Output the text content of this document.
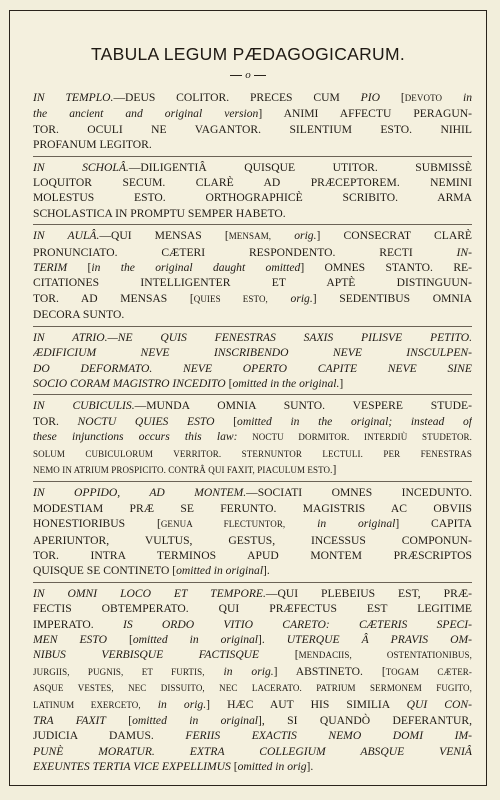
TABULA LEGUM PÆDAGOGICARUM.
o
IN TEMPLO.—DEUS COLITOR. PRECES CUM PIO [DEVOTO in
the ancient and original version] ANIMI AFFECTU PERAGUN-
TOR. OCULI NE VAGANTOR. SILENTIUM ESTO. NIHIL
PROFANUM LEGITOR.
IN SCHOLÂ.—DILIGENTIÂ QUISQUE UTITOR. SUBMISSÈ
LOQUITOR SECUM. CLARÈ AD PRÆCEPTOREM. NEMINI
MOLESTUS ESTO. ORTHOGRAPHICÈ SCRIBITO. ARMA
SCHOLASTICA IN PROMPTU SEMPER HABETO.
IN AULÂ.—QUI MENSAS [MENSAM, orig.] CONSECRAT CLARÈ
PRONUNCIATO. CÆTERI RESPONDENTO. RECTI IN-
TERIM [in the original daught omitted] OMNES STANTO. RE-
CITATIONES INTELLIGENTER ET APTÈ DISTINGUUN-
TOR. AD MENSAS [QUIES ESTO, orig.] SEDENTIBUS OMNIA
DECORA SUNTO.
IN ATRIO.—NE QUIS FENESTRAS SAXIS PILISVE PETITO.
ÆDIFICIUM NEVE INSCRIBENDO NEVE INSCULPEN-
DO DEFORMATO. NEVE OPERTO CAPITE NEVE SINE
SOCIO CORAM MAGISTRO INCEDITO [omitted in the original.]
IN CUBICULIS.—MUNDA OMNIA SUNTO. VESPERE STUDE-
TOR. NOCTU QUIES ESTO [omitted in the original; instead of
these injunctions occurs this law: NOCTU DORMITOR. INTERDIÙ STUDETOR.
SOLUM CUBICULORUM VERRITOR. STERNUNTOR LECTULI. PER FENESTRAS
NEMO IN ATRIUM PROSPICITO. CONTRÂ QUI FAXIT, PIACULUM ESTO.]
IN OPPIDO, AD MONTEM.—SOCIATI OMNES INCEDUNTO.
MODESTIAM PRÆ SE FERUNTO. MAGISTRIS AC OBVIIS
HONESTIORIBUS [GENUA FLECTUNTOR, in original] CAPITA
APERIUNTOR, VULTUS, GESTUS, INCESSUS COMPONUN-
TOR. INTRA TERMINOS APUD MONTEM PRÆSCRIPTOS
QUISQUE SE CONTINETO [omitted in original].
IN OMNI LOCO ET TEMPORE.—QUI PLEBEIUS EST, PRÆ-
FECTIS OBTEMPERATO. QUI PRÆFECTUS EST LEGITIME
IMPERATO. IS ORDO VITIO CARETO: CÆTERIS SPECI-
MEN ESTO [omitted in original]. UTERQUE Â PRAVIS OM-
NIBUS VERBISQUE FACTISQUE [MENDACIIS, OSTENTATIONIBUS,
JURGIIS, PUGNIS, ET FURTIS, in orig.] ABSTINETO. [TOGAM CÆTER-
ASQUE VESTES, NEC DISSUITO, NEC LACERATO. PATRIUM SERMONEM FUGITO,
LATINUM EXERCETO, in orig.] HÆC AUT HIS SIMILIA QUI CON-
TRA FAXIT [omitted in original], SI QUANDÒ DEFERANTUR,
JUDICIA DAMUS. FERIIS EXACTIS NEMO DOMI IM-
PUNÈ MORATUR. EXTRA COLLEGIUM ABSQUE VENIÂ
EXEUNTES TERTIA VICE EXPELLIMUS [omitted in orig].
